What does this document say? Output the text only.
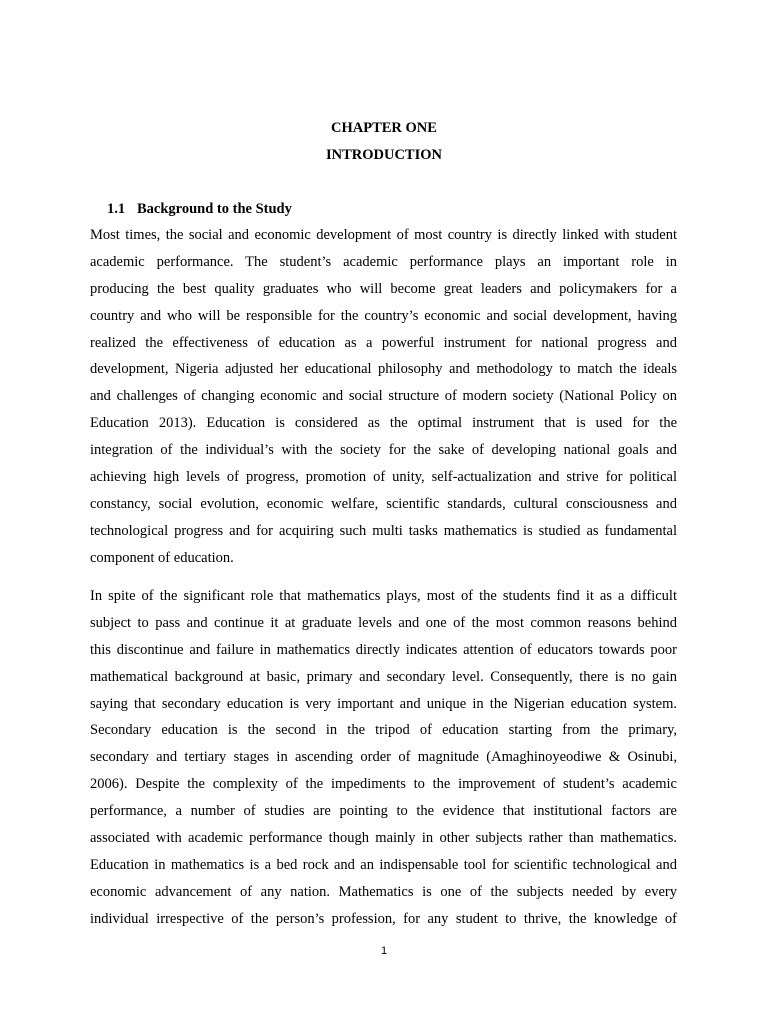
CHAPTER ONE
INTRODUCTION
1.1 Background to the Study
Most times, the social and economic development of most country is directly linked with student
academic performance. The student’s academic performance plays an important role in
producing the best quality graduates who will become great leaders and policymakers for a
country and who will be responsible for the country’s economic and social development, having
realized the effectiveness of education as a powerful instrument for national progress and
development, Nigeria adjusted her educational philosophy and methodology to match the ideals
and challenges of changing economic and social structure of modern society (National Policy on
Education 2013). Education is considered as the optimal instrument that is used for the
integration of the individual’s with the society for the sake of developing national goals and
achieving high levels of progress, promotion of unity, self-actualization and strive for political
constancy, social evolution, economic welfare, scientific standards, cultural consciousness and
technological progress and for acquiring such multi tasks mathematics is studied as fundamental
component of education.
In spite of the significant role that mathematics plays, most of the students find it as a difficult
subject to pass and continue it at graduate levels and one of the most common reasons behind
this discontinue and failure in mathematics directly indicates attention of educators towards poor
mathematical background at basic, primary and secondary level. Consequently, there is no gain
saying that secondary education is very important and unique in the Nigerian education system.
Secondary education is the second in the tripod of education starting from the primary,
secondary and tertiary stages in ascending order of magnitude (Amaghinoyeodiwe & Osinubi,
2006). Despite the complexity of the impediments to the improvement of student’s academic
performance, a number of studies are pointing to the evidence that institutional factors are
associated with academic performance though mainly in other subjects rather than mathematics.
Education in mathematics is a bed rock and an indispensable tool for scientific technological and
economic advancement of any nation. Mathematics is one of the subjects needed by every
individual irrespective of the person’s profession, for any student to thrive, the knowledge of
1
